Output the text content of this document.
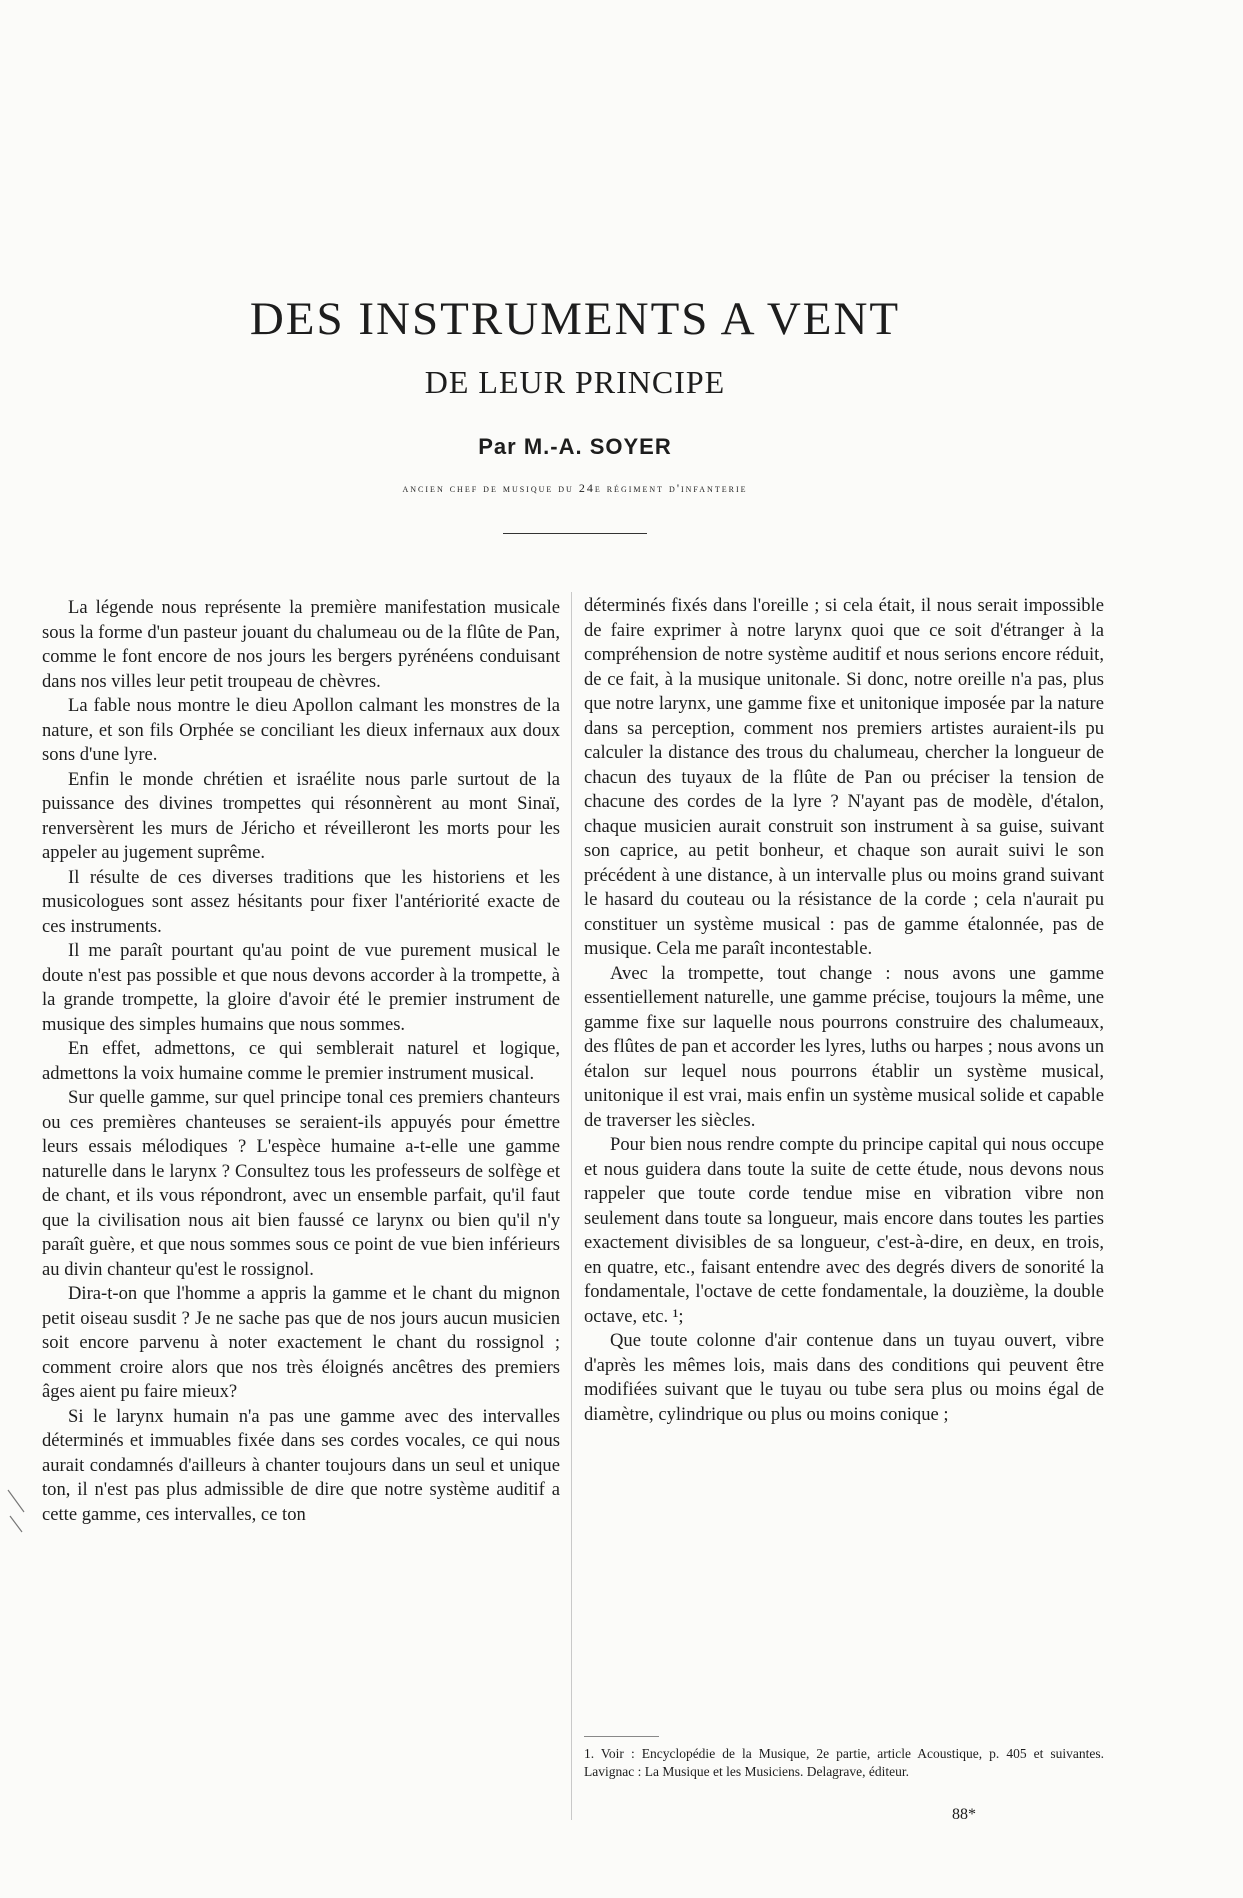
DES INSTRUMENTS A VENT
DE LEUR PRINCIPE
Par M.-A. SOYER
ancien chef de musique du 24e régiment d'infanterie

La légende nous représente la première manifestation musicale sous la forme d'un pasteur jouant du chalumeau ou de la flûte de Pan, comme le font encore de nos jours les bergers pyrénéens conduisant dans nos villes leur petit troupeau de chèvres.

La fable nous montre le dieu Apollon calmant les monstres de la nature, et son fils Orphée se conciliant les dieux infernaux aux doux sons d'une lyre.

Enfin le monde chrétien et israélite nous parle surtout de la puissance des divines trompettes qui résonnèrent au mont Sinaï, renversèrent les murs de Jéricho et réveilleront les morts pour les appeler au jugement suprême.

Il résulte de ces diverses traditions que les historiens et les musicologues sont assez hésitants pour fixer l'antériorité exacte de ces instruments.

Il me paraît pourtant qu'au point de vue purement musical le doute n'est pas possible et que nous devons accorder à la trompette, à la grande trompette, la gloire d'avoir été le premier instrument de musique des simples humains que nous sommes.

En effet, admettons, ce qui semblerait naturel et logique, admettons la voix humaine comme le premier instrument musical.

Sur quelle gamme, sur quel principe tonal ces premiers chanteurs ou ces premières chanteuses se seraient-ils appuyés pour émettre leurs essais mélodiques ? L'espèce humaine a-t-elle une gamme naturelle dans le larynx ? Consultez tous les professeurs de solfège et de chant, et ils vous répondront, avec un ensemble parfait, qu'il faut que la civilisation nous ait bien faussé ce larynx ou bien qu'il n'y paraît guère, et que nous sommes sous ce point de vue bien inférieurs au divin chanteur qu'est le rossignol.

Dira-t-on que l'homme a appris la gamme et le chant du mignon petit oiseau susdit ? Je ne sache pas que de nos jours aucun musicien soit encore parvenu à noter exactement le chant du rossignol ; comment croire alors que nos très éloignés ancêtres des premiers âges aient pu faire mieux?

Si le larynx humain n'a pas une gamme avec des intervalles déterminés et immuables fixée dans ses cordes vocales, ce qui nous aurait condamnés d'ailleurs à chanter toujours dans un seul et unique ton, il n'est pas plus admissible de dire que notre système auditif a cette gamme, ces intervalles, ce ton

déterminés fixés dans l'oreille ; si cela était, il nous serait impossible de faire exprimer à notre larynx quoi que ce soit d'étranger à la compréhension de notre système auditif et nous serions encore réduit, de ce fait, à la musique unitonale. Si donc, notre oreille n'a pas, plus que notre larynx, une gamme fixe et unitonique imposée par la nature dans sa perception, comment nos premiers artistes auraient-ils pu calculer la distance des trous du chalumeau, chercher la longueur de chacun des tuyaux de la flûte de Pan ou préciser la tension de chacune des cordes de la lyre ? N'ayant pas de modèle, d'étalon, chaque musicien aurait construit son instrument à sa guise, suivant son caprice, au petit bonheur, et chaque son aurait suivi le son précédent à une distance, à un intervalle plus ou moins grand suivant le hasard du couteau ou la résistance de la corde ; cela n'aurait pu constituer un système musical : pas de gamme étalonnée, pas de musique. Cela me paraît incontestable.

Avec la trompette, tout change : nous avons une gamme essentiellement naturelle, une gamme précise, toujours la même, une gamme fixe sur laquelle nous pourrons construire des chalumeaux, des flûtes de pan et accorder les lyres, luths ou harpes ; nous avons un étalon sur lequel nous pourrons établir un système musical, unitonique il est vrai, mais enfin un système musical solide et capable de traverser les siècles.

Pour bien nous rendre compte du principe capital qui nous occupe et nous guidera dans toute la suite de cette étude, nous devons nous rappeler que toute corde tendue mise en vibration vibre non seulement dans toute sa longueur, mais encore dans toutes les parties exactement divisibles de sa longueur, c'est-à-dire, en deux, en trois, en quatre, etc., faisant entendre avec des degrés divers de sonorité la fondamentale, l'octave de cette fondamentale, la douzième, la double octave, etc. ¹;

Que toute colonne d'air contenue dans un tuyau ouvert, vibre d'après les mêmes lois, mais dans des conditions qui peuvent être modifiées suivant que le tuyau ou tube sera plus ou moins égal de diamètre, cylindrique ou plus ou moins conique ;

1. Voir : Encyclopédie de la Musique, 2e partie, article Acoustique, p. 405 et suivantes. Lavignac : La Musique et les Musiciens. Delagrave, éditeur.
88*
